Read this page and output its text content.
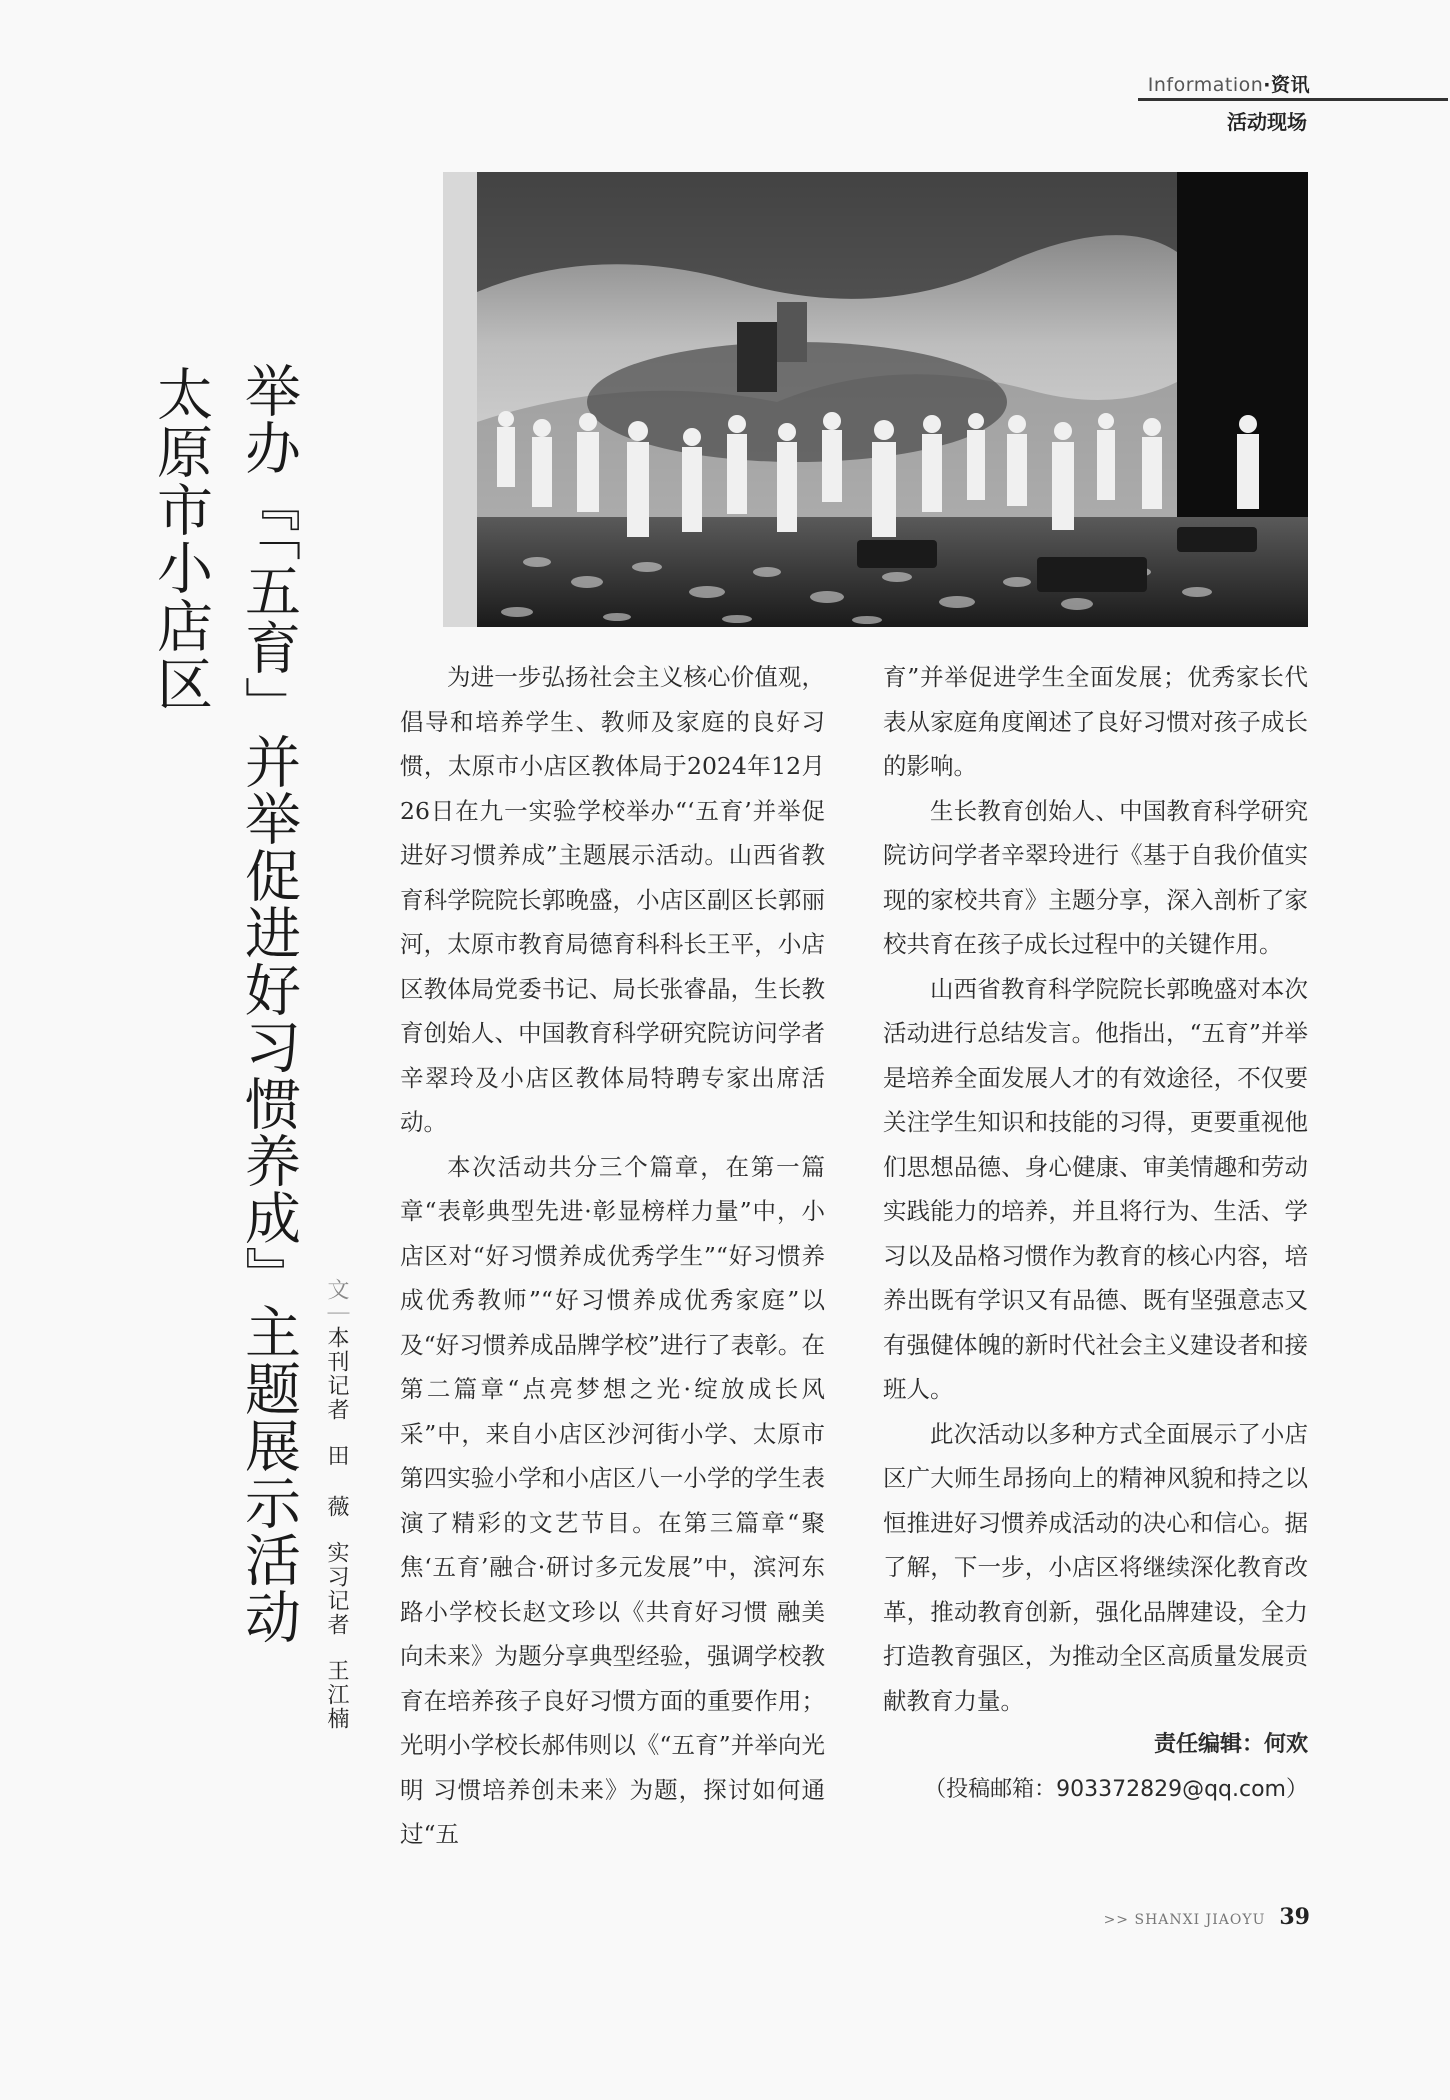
Information·资讯
活动现场
太原市小店区 举办『「五育」并举促进好习惯养成』主题展示活动	文｜本刊记者田 薇实习记者王江楠

为进一步弘扬社会主义核心价值观，倡导和培养学生、教师及家庭的良好习惯，太原市小店区教体局于2024年12月26日在九一实验学校举办“‘五育’并举促进好习惯养成”主题展示活动。山西省教育科学院院长郭晚盛，小店区副区长郭丽河，太原市教育局德育科科长王平，小店区教体局党委书记、局长张睿晶，生长教育创始人、中国教育科学研究院访问学者辛翠玲及小店区教体局特聘专家出席活动。

本次活动共分三个篇章，在第一篇章“表彰典型先进·彰显榜样力量”中，小店区对“好习惯养成优秀学生”“好习惯养成优秀教师”“好习惯养成优秀家庭”以及“好习惯养成品牌学校”进行了表彰。在第二篇章“点亮梦想之光·绽放成长风采”中，来自小店区沙河街小学、太原市第四实验小学和小店区八一小学的学生表演了精彩的文艺节目。在第三篇章“聚焦‘五育’融合·研讨多元发展”中，滨河东路小学校长赵文珍以《共育好习惯 融美向未来》为题分享典型经验，强调学校教育在培养孩子良好习惯方面的重要作用；光明小学校长郝伟则以《“五育”并举向光明 习惯培养创未来》为题，探讨如何通过“五

育”并举促进学生全面发展；优秀家长代表从家庭角度阐述了良好习惯对孩子成长的影响。

生长教育创始人、中国教育科学研究院访问学者辛翠玲进行《基于自我价值实现的家校共育》主题分享，深入剖析了家校共育在孩子成长过程中的关键作用。

山西省教育科学院院长郭晚盛对本次活动进行总结发言。他指出，“五育”并举是培养全面发展人才的有效途径，不仅要关注学生知识和技能的习得，更要重视他们思想品德、身心健康、审美情趣和劳动实践能力的培养，并且将行为、生活、学习以及品格习惯作为教育的核心内容，培养出既有学识又有品德、既有坚强意志又有强健体魄的新时代社会主义建设者和接班人。

此次活动以多种方式全面展示了小店区广大师生昂扬向上的精神风貌和持之以恒推进好习惯养成活动的决心和信心。据了解，下一步，小店区将继续深化教育改革，推动教育创新，强化品牌建设，全力打造教育强区，为推动全区高质量发展贡献教育力量。

责任编辑：何欢
（投稿邮箱：903372829@qq.com）
>> SHANXI JIAOYU 39
